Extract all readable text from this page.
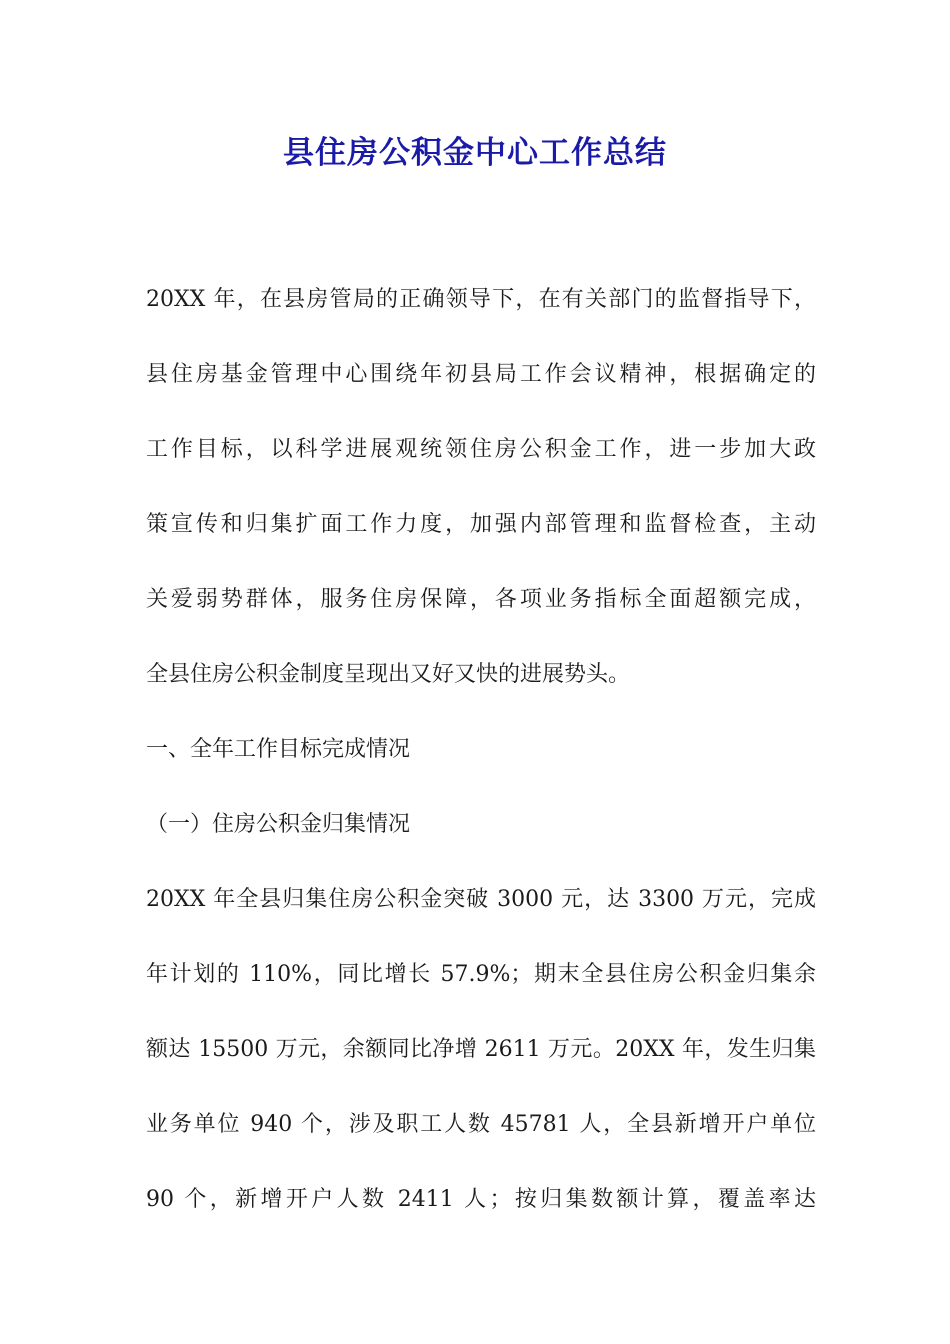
县住房公积金中心工作总结
20XX 年，在县房管局的正确领导下，在有关部门的监督指导下，
县住房基金管理中心围绕年初县局工作会议精神，根据确定的
工作目标，以科学进展观统领住房公积金工作，进一步加大政
策宣传和归集扩面工作力度，加强内部管理和监督检查，主动
关爱弱势群体，服务住房保障，各项业务指标全面超额完成，
全县住房公积金制度呈现出又好又快的进展势头。
一、全年工作目标完成情况
（一）住房公积金归集情况
20XX 年全县归集住房公积金突破 3000 元，达 3300 万元，完成
年计划的 110%，同比增长 57.9%；期末全县住房公积金归集余
额达 15500 万元，余额同比净增 2611 万元。20XX 年，发生归集
业务单位 940 个，涉及职工人数 45781 人，全县新增开户单位
90 个，新增开户人数 2411 人；按归集数额计算，覆盖率达
